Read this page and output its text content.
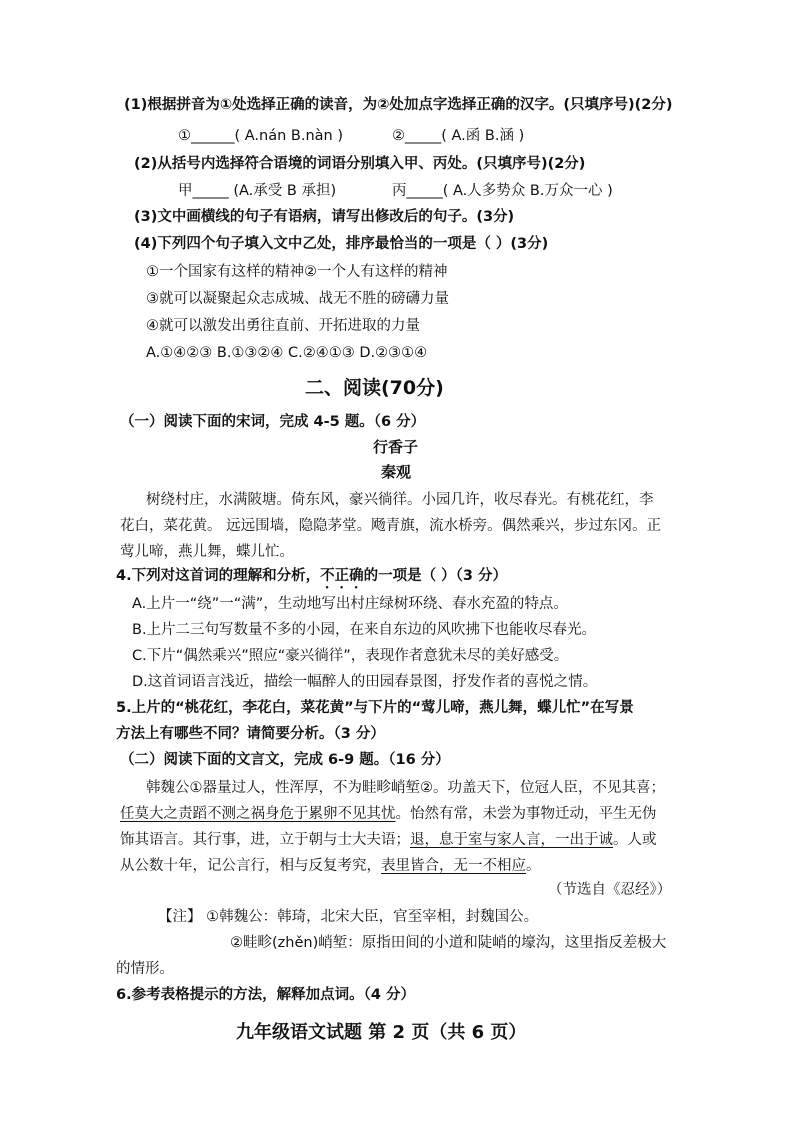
(1)根据拼音为①处选择正确的读音，为②处加点字选择正确的汉字。(只填序号)(2分)
①______( A.nán B.nàn )	②_____( A.函 B.涵 )
(2)从括号内选择符合语境的词语分别填入甲、丙处。(只填序号)(2分)
甲_____ (A.承受 B 承担)	丙_____( A.人多势众 B.万众一心 )
(3)文中画横线的句子有语病，请写出修改后的句子。(3分)
(4)下列四个句子填入文中乙处，排序最恰当的一项是（ ）(3分)
①一个国家有这样的精神②一个人有这样的精神
③就可以凝聚起众志成城、战无不胜的磅礴力量
④就可以激发出勇往直前、开拓进取的力量
A.①④②③ B.①③②④ C.②④①③ D.②③①④
二、阅读(70分)
（一）阅读下面的宋词，完成 4-5 题。（6 分）
行香子
秦观
树绕村庄，水满陂塘。倚东风，豪兴徜徉。小园几许，收尽春光。有桃花红，李
花白，菜花黄。 远远围墙，隐隐茅堂。飏青旗，流水桥旁。偶然乘兴，步过东冈。正
莺儿啼，燕儿舞，蝶儿忙。
4.下列对这首词的理解和分析，不正确的一项是（ ）（3 分）
A.上片一“绕”一“满”，生动地写出村庄绿树环绕、春水充盈的特点。
B.上片二三句写数量不多的小园，在来自东边的风吹拂下也能收尽春光。
C.下片“偶然乘兴”照应“豪兴徜徉”，表现作者意犹未尽的美好感受。
D.这首词语言浅近，描绘一幅醉人的田园春景图，抒发作者的喜悦之情。
5.上片的“桃花红，李花白，菜花黄”与下片的“莺儿啼，燕儿舞，蝶儿忙”在写景
方法上有哪些不同？请简要分析。（3 分）
（二）阅读下面的文言文，完成 6-9 题。（16 分）
韩魏公①器量过人，性浑厚，不为畦畛峭堑②。功盖天下，位冠人臣，不见其喜；
任莫大之责蹈不测之祸身危于累卵不见其忧。怡然有常，未尝为事物迁动，平生无伪
饰其语言。其行事，进，立于朝与士大夫语；退，息于室与家人言，一出于诚。人或
从公数十年，记公言行，相与反复考究，表里皆合，无一不相应。
（节选自《忍经》）
【注】 ①韩魏公：韩琦，北宋大臣，官至宰相，封魏国公。
②畦畛(zhěn)峭堑：原指田间的小道和陡峭的壕沟，这里指反差极大
的情形。
6.参考表格提示的方法，解释加点词。（4 分）
九年级语文试题 第 2 页（共 6 页）
